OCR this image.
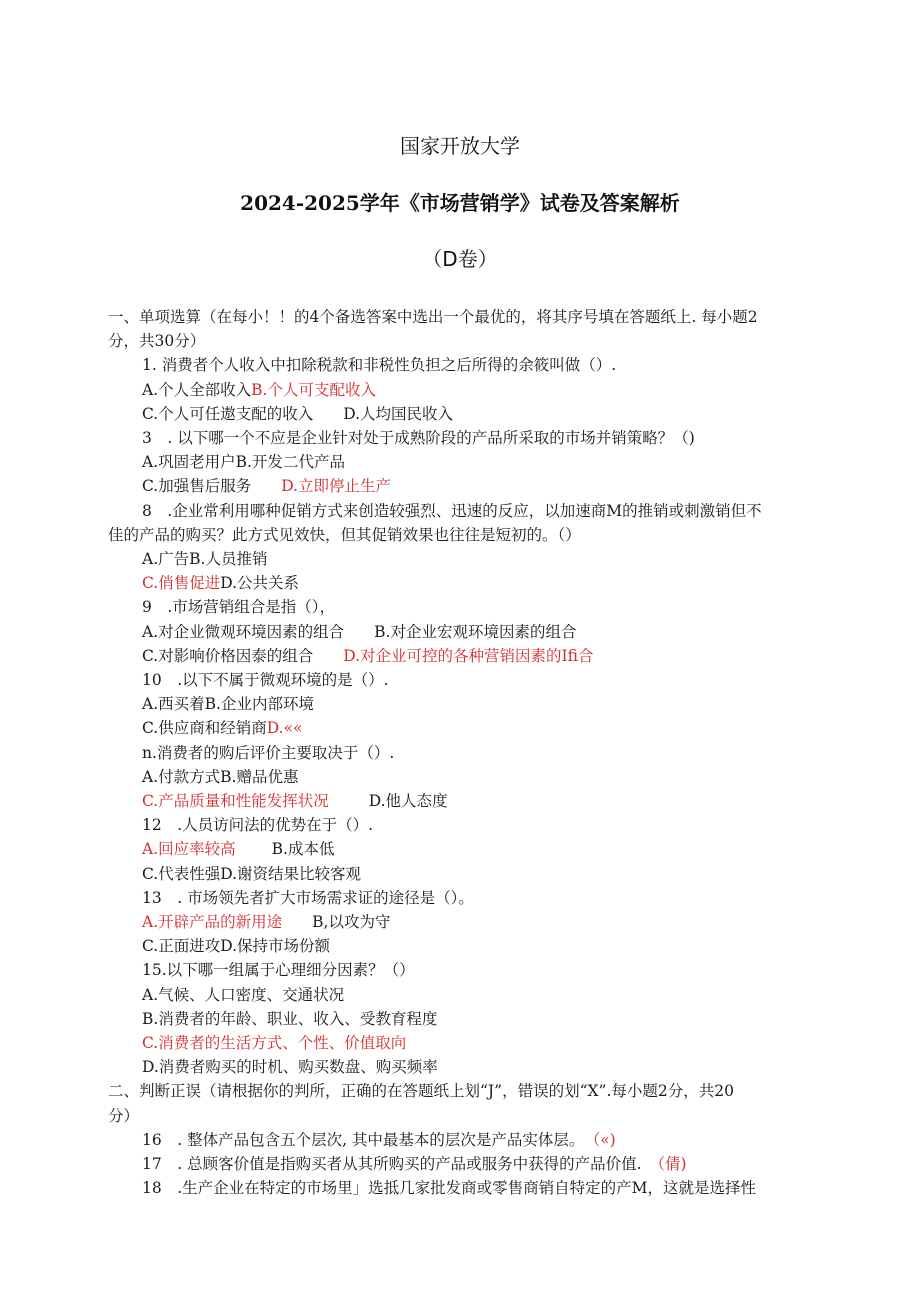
国家开放大学
2024-2025学年《市场营销学》试卷及答案解析
（D卷）
一、单项选算（在每小！！的4个备选答案中选出一个最优的，将其序号填在答题纸上. 每小题2
分，共30分）
1. 消费者个人收入中扣除税款和非税性负担之后所得的余筱叫做（）.
A.个人全部收入B.个人可支配收入
C.个人可任遨支配的收入 D.人均国民收入
3　. 以下哪一个不应是企业针对处于成熟阶段的产品所采取的市场并销策略？（)
A.巩固老用户B.开发二代产品
C.加强售后服务 D.立即停止生产
8　.企业常利用哪种促销方式来创造较强烈、迅速的反应，以加速商M的推销或刺激销但不
佳的产品的购买？此方式见效快，但其促销效果也往往是短初的。（）
A.广告B.人员推销
C.俏售促进D.公共关系
9　.市场营销组合是指（），
A.对企业微观环境因素的组合 B.对企业宏观环境因素的组合
C.对影响价格因泰的组合 D.对企业可控的各种营销因素的Ifi合
10　.以下不属于微观环境的是（）.
A.西买着B.企业内部环境
C.供应商和经销商D.««
n.消费者的购后评价主要取决于（）.
A.付款方式B.赠品优惠
C.产品质量和性能发挥状况	D.他人态度
12　.人员访问法的优势在于（）.
A.回应率较高 B.成本低
C.代表性强D.谢资结果比较客观
13　. 市场领先者扩大市场需求证的途径是（）。
A.开辟产品的新用途 B,以攻为守
C.正面进攻D.保持市场份额
15.以下哪一组属于心理细分因素？（）
A.气候、人口密度、交通状况
B.消费者的年龄、职业、收入、受教育程度
C.消费者的生活方式、个性、价值取向
D.消费者购买的时机、购买数盘、购买频率
二、判断正误（请根据你的判所，正确的在答题纸上划“J”，错误的划“X”.每小题2分，共20
分）
16　. 整体产品包含五个层次, 其中最基本的层次是产品实体层。 （«)
17　. 总顾客价值是指购买者从其所购买的产品或服务中获得的产品价值. （倩)
18　.生产企业在特定的市场里」选抵几家批发商或零售商销自特定的产M，这就是选择性
